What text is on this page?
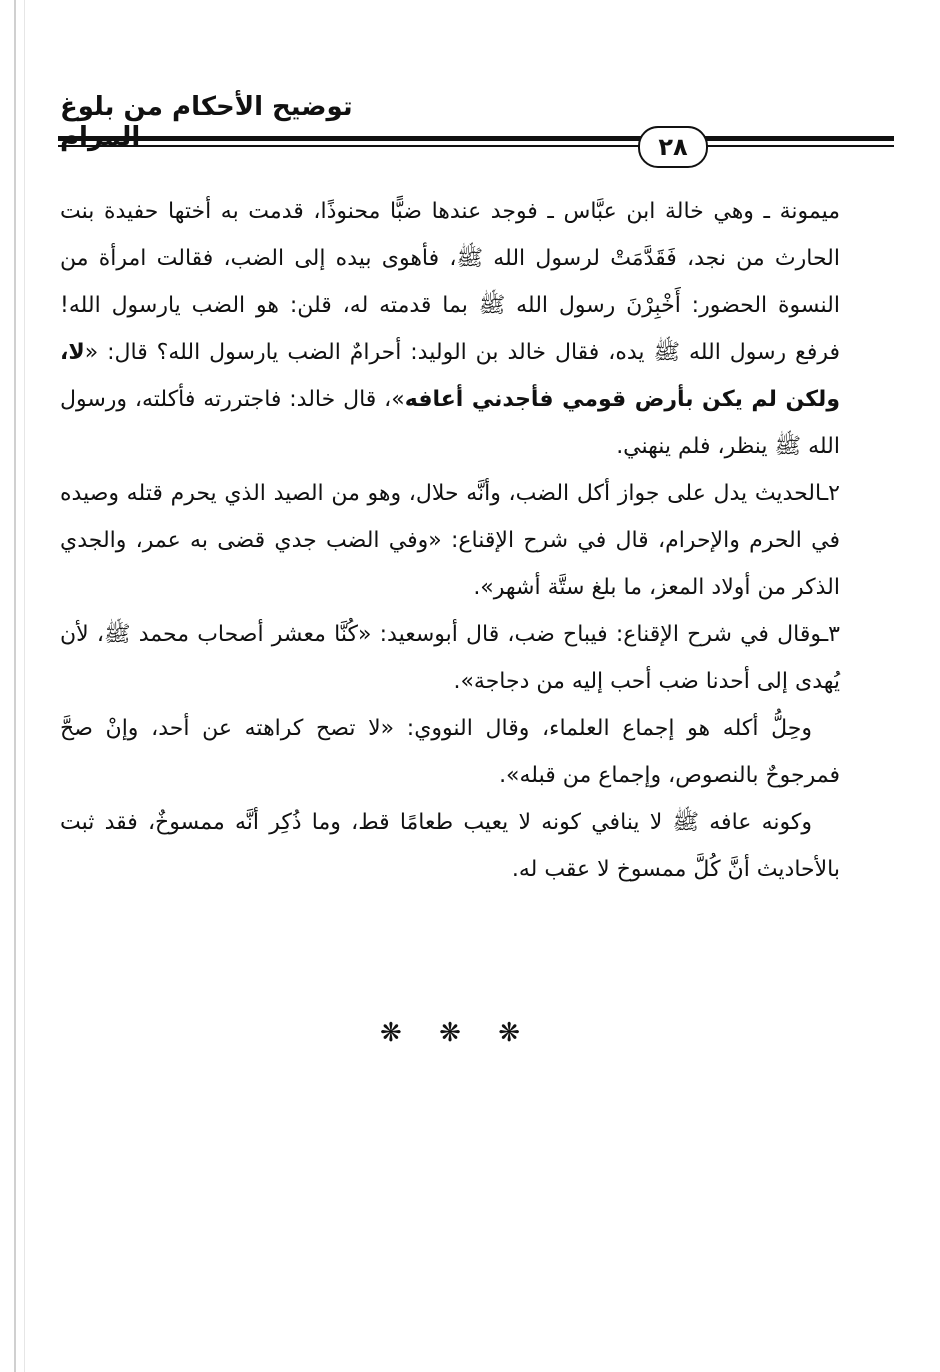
توضيح الأحكام من بلوغ
٢٨

ميمونة ـ وهي خالة ابن عبَّاس ـ فوجد عندها ضبًّا محنوذًا، قدمت به أختها حفيدة بنت الحارث من نجد، فَقَدَّمَتْ لرسول الله ﷺ، فأهوى بيده إلى الضب، فقالت امرأة من النسوة الحضور: أَخْبِرْنَ رسول الله ﷺ بما قدمته له، قلن: هو الضب يارسول الله! فرفع رسول الله ﷺ يده، فقال خالد بن الوليد: أحرامٌ الضب يارسول الله؟ قال: «لا، ولكن لم يكن بأرض قومي فأجدني أعافه»، قال خالد: فاجتررته فأكلته، ورسول الله ﷺ ينظر، فلم ينهني.

٢ـالحديث يدل على جواز أكل الضب، وأنَّه حلال، وهو من الصيد الذي يحرم قتله وصيده في الحرم والإحرام، قال في شرح الإقناع: «وفي الضب جدي قضى به عمر، والجدي الذكر من أولاد المعز، ما بلغ ستَّة أشهر».

٣ـوقال في شرح الإقناع: فيباح ضب، قال أبوسعيد: «كُنَّا معشر أصحاب محمد ﷺ، لأن يُهدى إلى أحدنا ضب أحب إليه من دجاجة».

وحِلُّ أكله هو إجماع العلماء، وقال النووي: «لا تصح كراهته عن أحد، وإنْ صحَّ فمرجوحٌ بالنصوص، وإجماع من قبله».

وكونه عافه ﷺ لا ينافي كونه لا يعيب طعامًا قط، وما ذُكِر أنَّه ممسوخٌ، فقد ثبت بالأحاديث أنَّ كُلَّ ممسوخ لا عقب له.

❋ ❋ ❋
